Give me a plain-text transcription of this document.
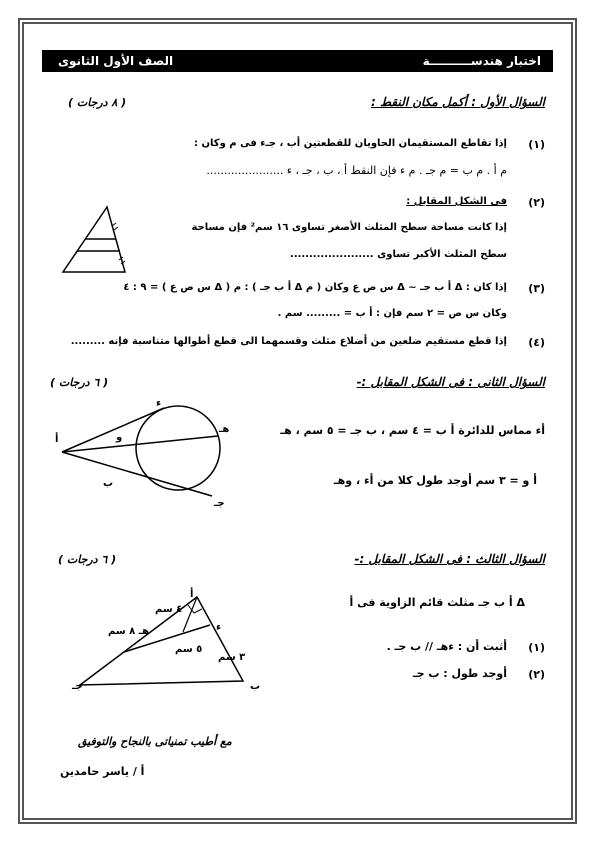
اختبار هندســــــــــة
الصف الأول الثانوى
السؤال الأول : أكمل مكان النقط :
( ٨ درجات )
(١)
إذا تقاطع المستقيمان الحاويان للقطعتين أب ، جـء فى م وكان :
م أ . م ب = م جـ . م ء فإن النقط أ ، ب ، جـ ، ء ......................
(٢)
فى الشكل المقابل :
إذا كانت مساحة سطح المثلث الأصغر تساوى ١٦ سم² فإن مساحة
سطح المثلث الأكبر تساوى ......................
(٣)
إذا كان : Δ أ ب جـ ~ Δ س ص ع وكان ( م Δ أ ب جـ ) : م ( Δ س ص ع ) = ٩ : ٤
وكان س ص = ٢ سم فإن : أ ب = ......... سم .
(٤)
إذا قطع مستقيم ضلعين من أضلاع مثلث وقسمهما الى قطع أطوالها متناسبة فإنه .........
السؤال الثانى : فى الشكل المقابل :-
( ٦ درجات )
أء مماس للدائرة أ ب = ٤ سم ، ب جـ = ٥ سم ، هـ
أ و = ٣ سم أوجد طول كلا من أء ، وهـ
أ	و
ء
هـ
ب
جـ
السؤال الثالث : فى الشكل المقابل :-
( ٦ درجات )
Δ أ ب جـ مثلث قائم الزاوية فى أ
(١)
أثبت أن : ءهـ // ب جـ .
(٢)
أوجد طول : ب جـ
أ
ب
جـ
ء
٤ سم
هـ ٨ سم
٥ سم
٣ سم
مع أطيب تمنياتى بالنجاح والتوفيق
أ / ياسر حامدين
